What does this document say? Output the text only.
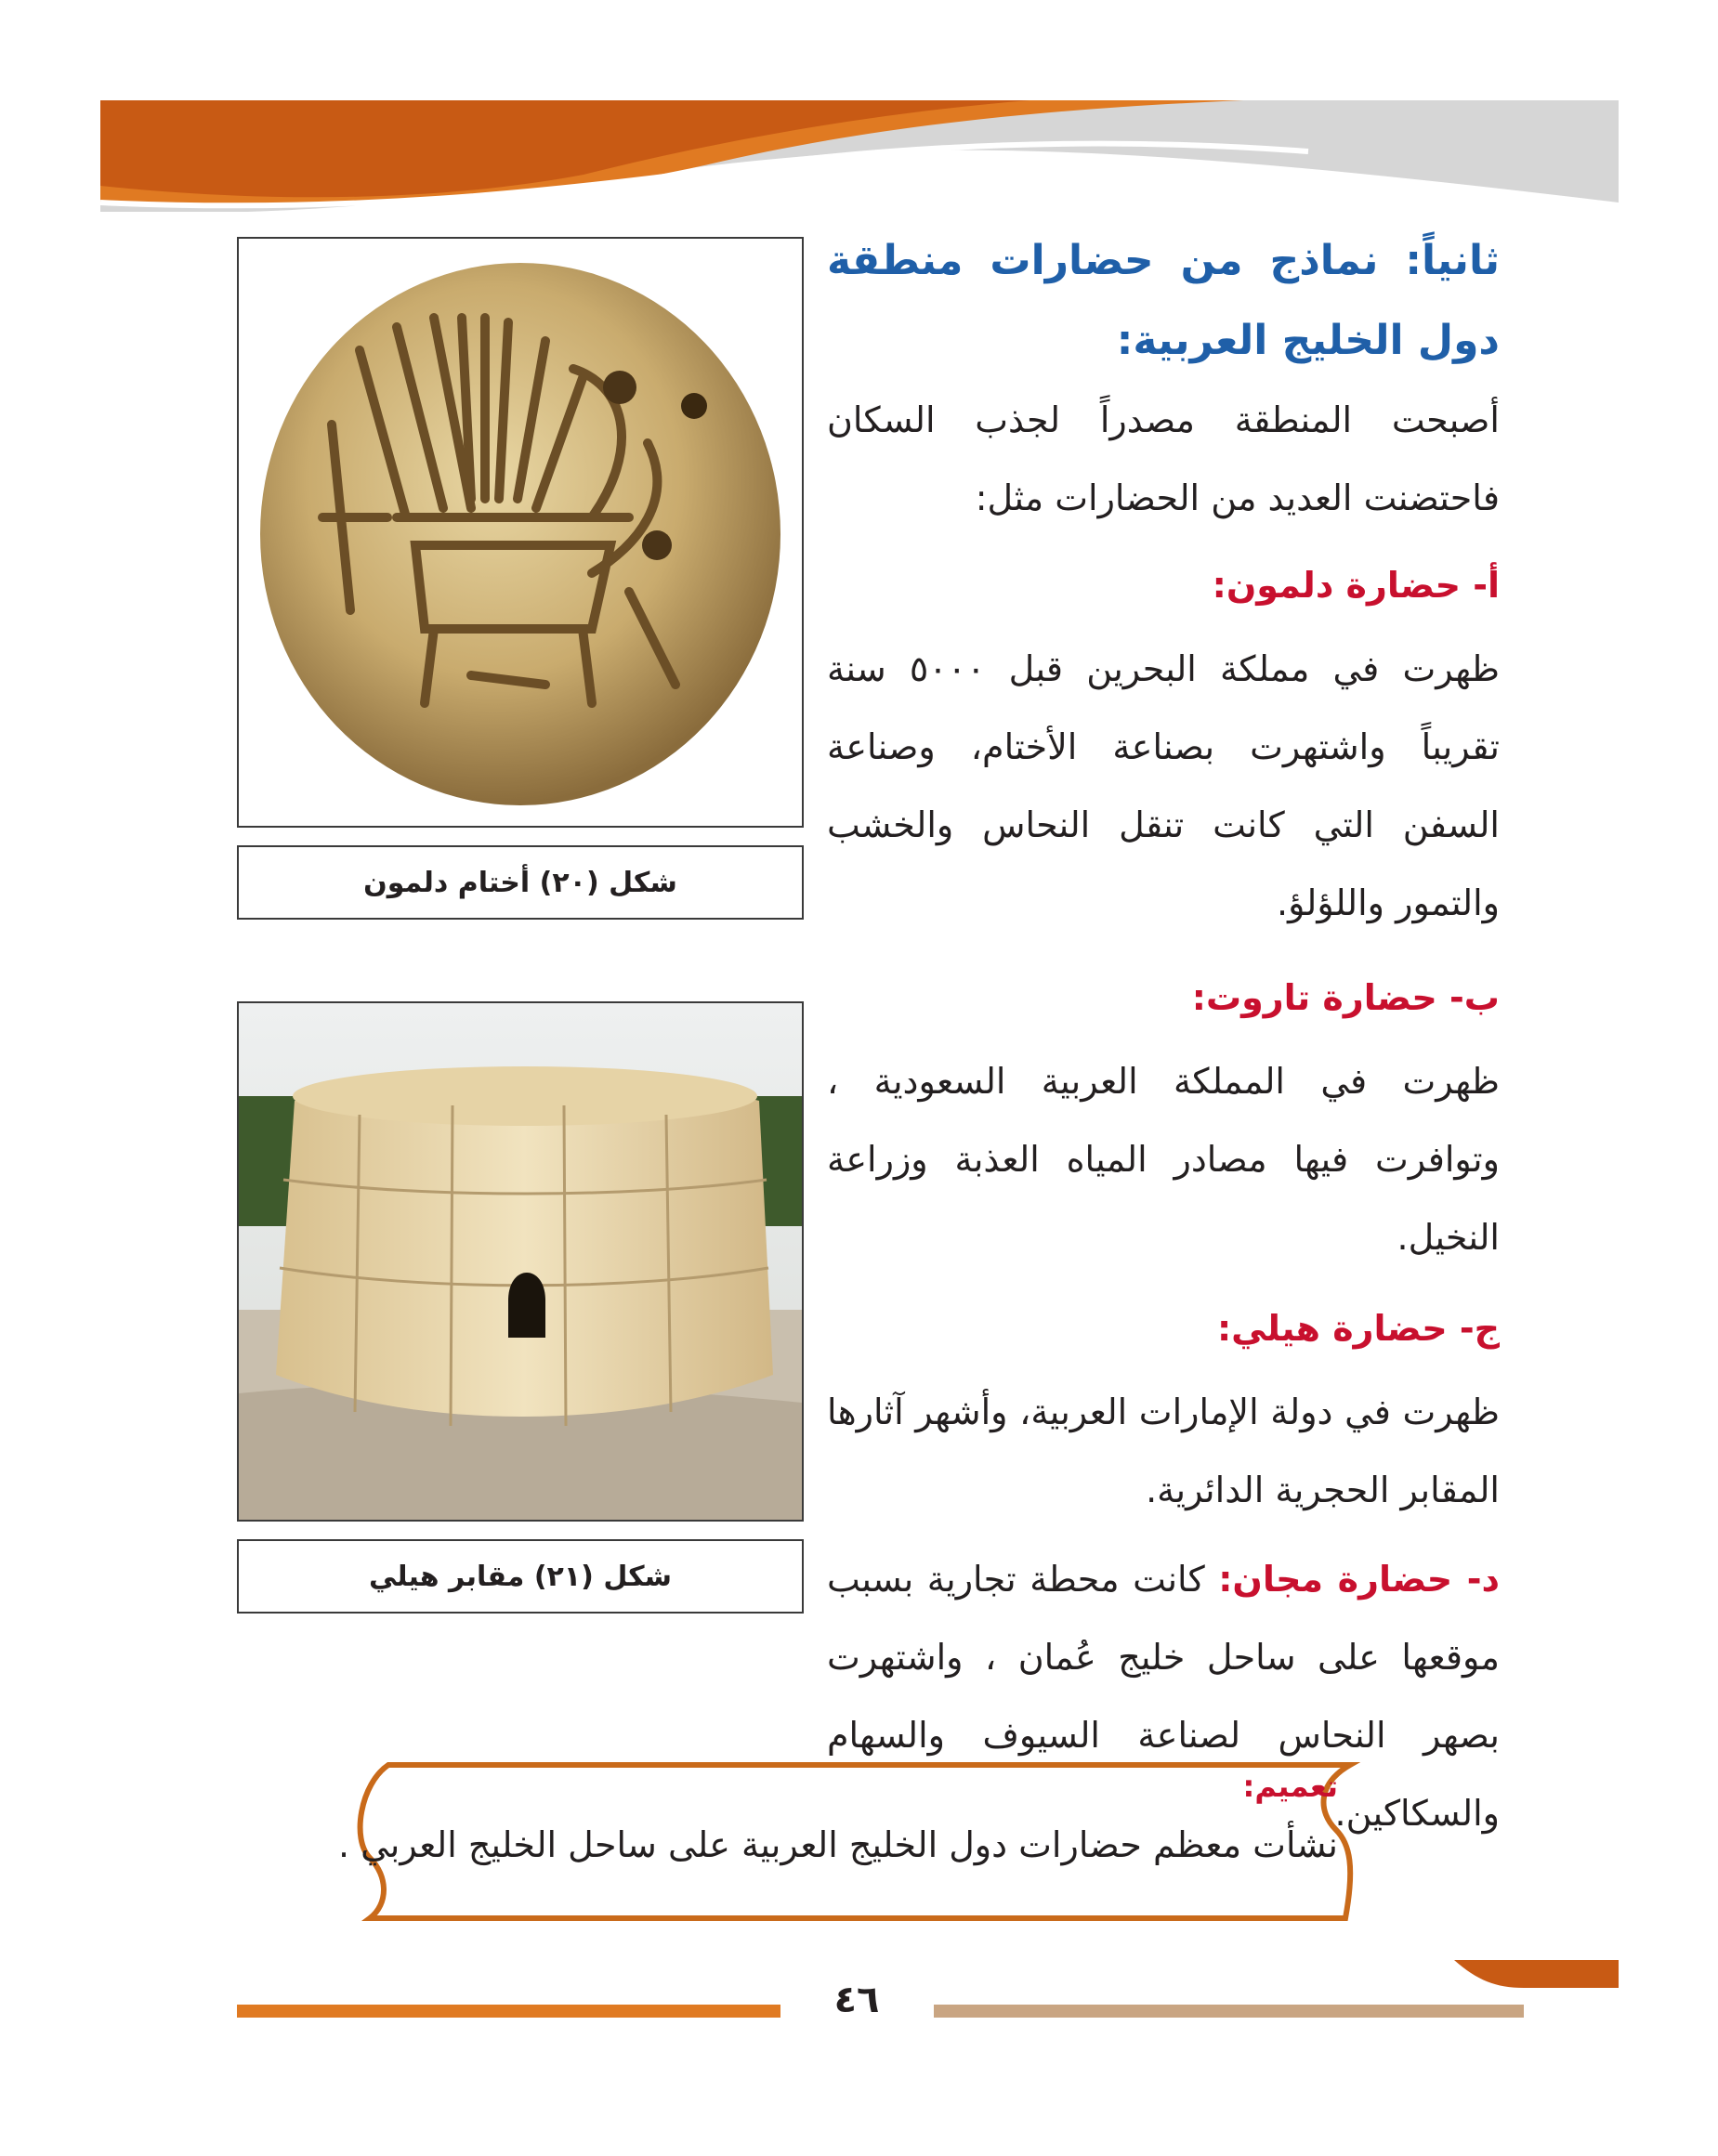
ثانياً: نماذج من حضارات منطقة دول الخليج العربية:

أصبحت المنطقة مصدراً لجذب السكان فاحتضنت العديد من الحضارات مثل:

أ- حضارة دلمون:

ظهرت في مملكة البحرين قبل ٥٠٠٠ سنة تقريباً واشتهرت بصناعة الأختام، وصناعة السفن التي كانت تنقل النحاس والخشب والتمور واللؤلؤ.

ب- حضارة تاروت:

ظهرت في المملكة العربية السعودية ، وتوافرت فيها مصادر المياه العذبة وزراعة النخيل.

ج- حضارة هيلي:

ظهرت في دولة الإمارات العربية، وأشهر آثارها المقابر الحجرية الدائرية.

د- حضارة مجان: كانت محطة تجارية بسبب موقعها على ساحل خليج عُمان ، واشتهرت بصهر النحاس لصناعة السيوف والسهام والسكاكين.

شكل (٢٠) أختام دلمون
شكل (٢١) مقابر هيلي
تعميم:
نشأت معظم حضارات دول الخليج العربية على ساحل الخليج العربي .
٤٦
